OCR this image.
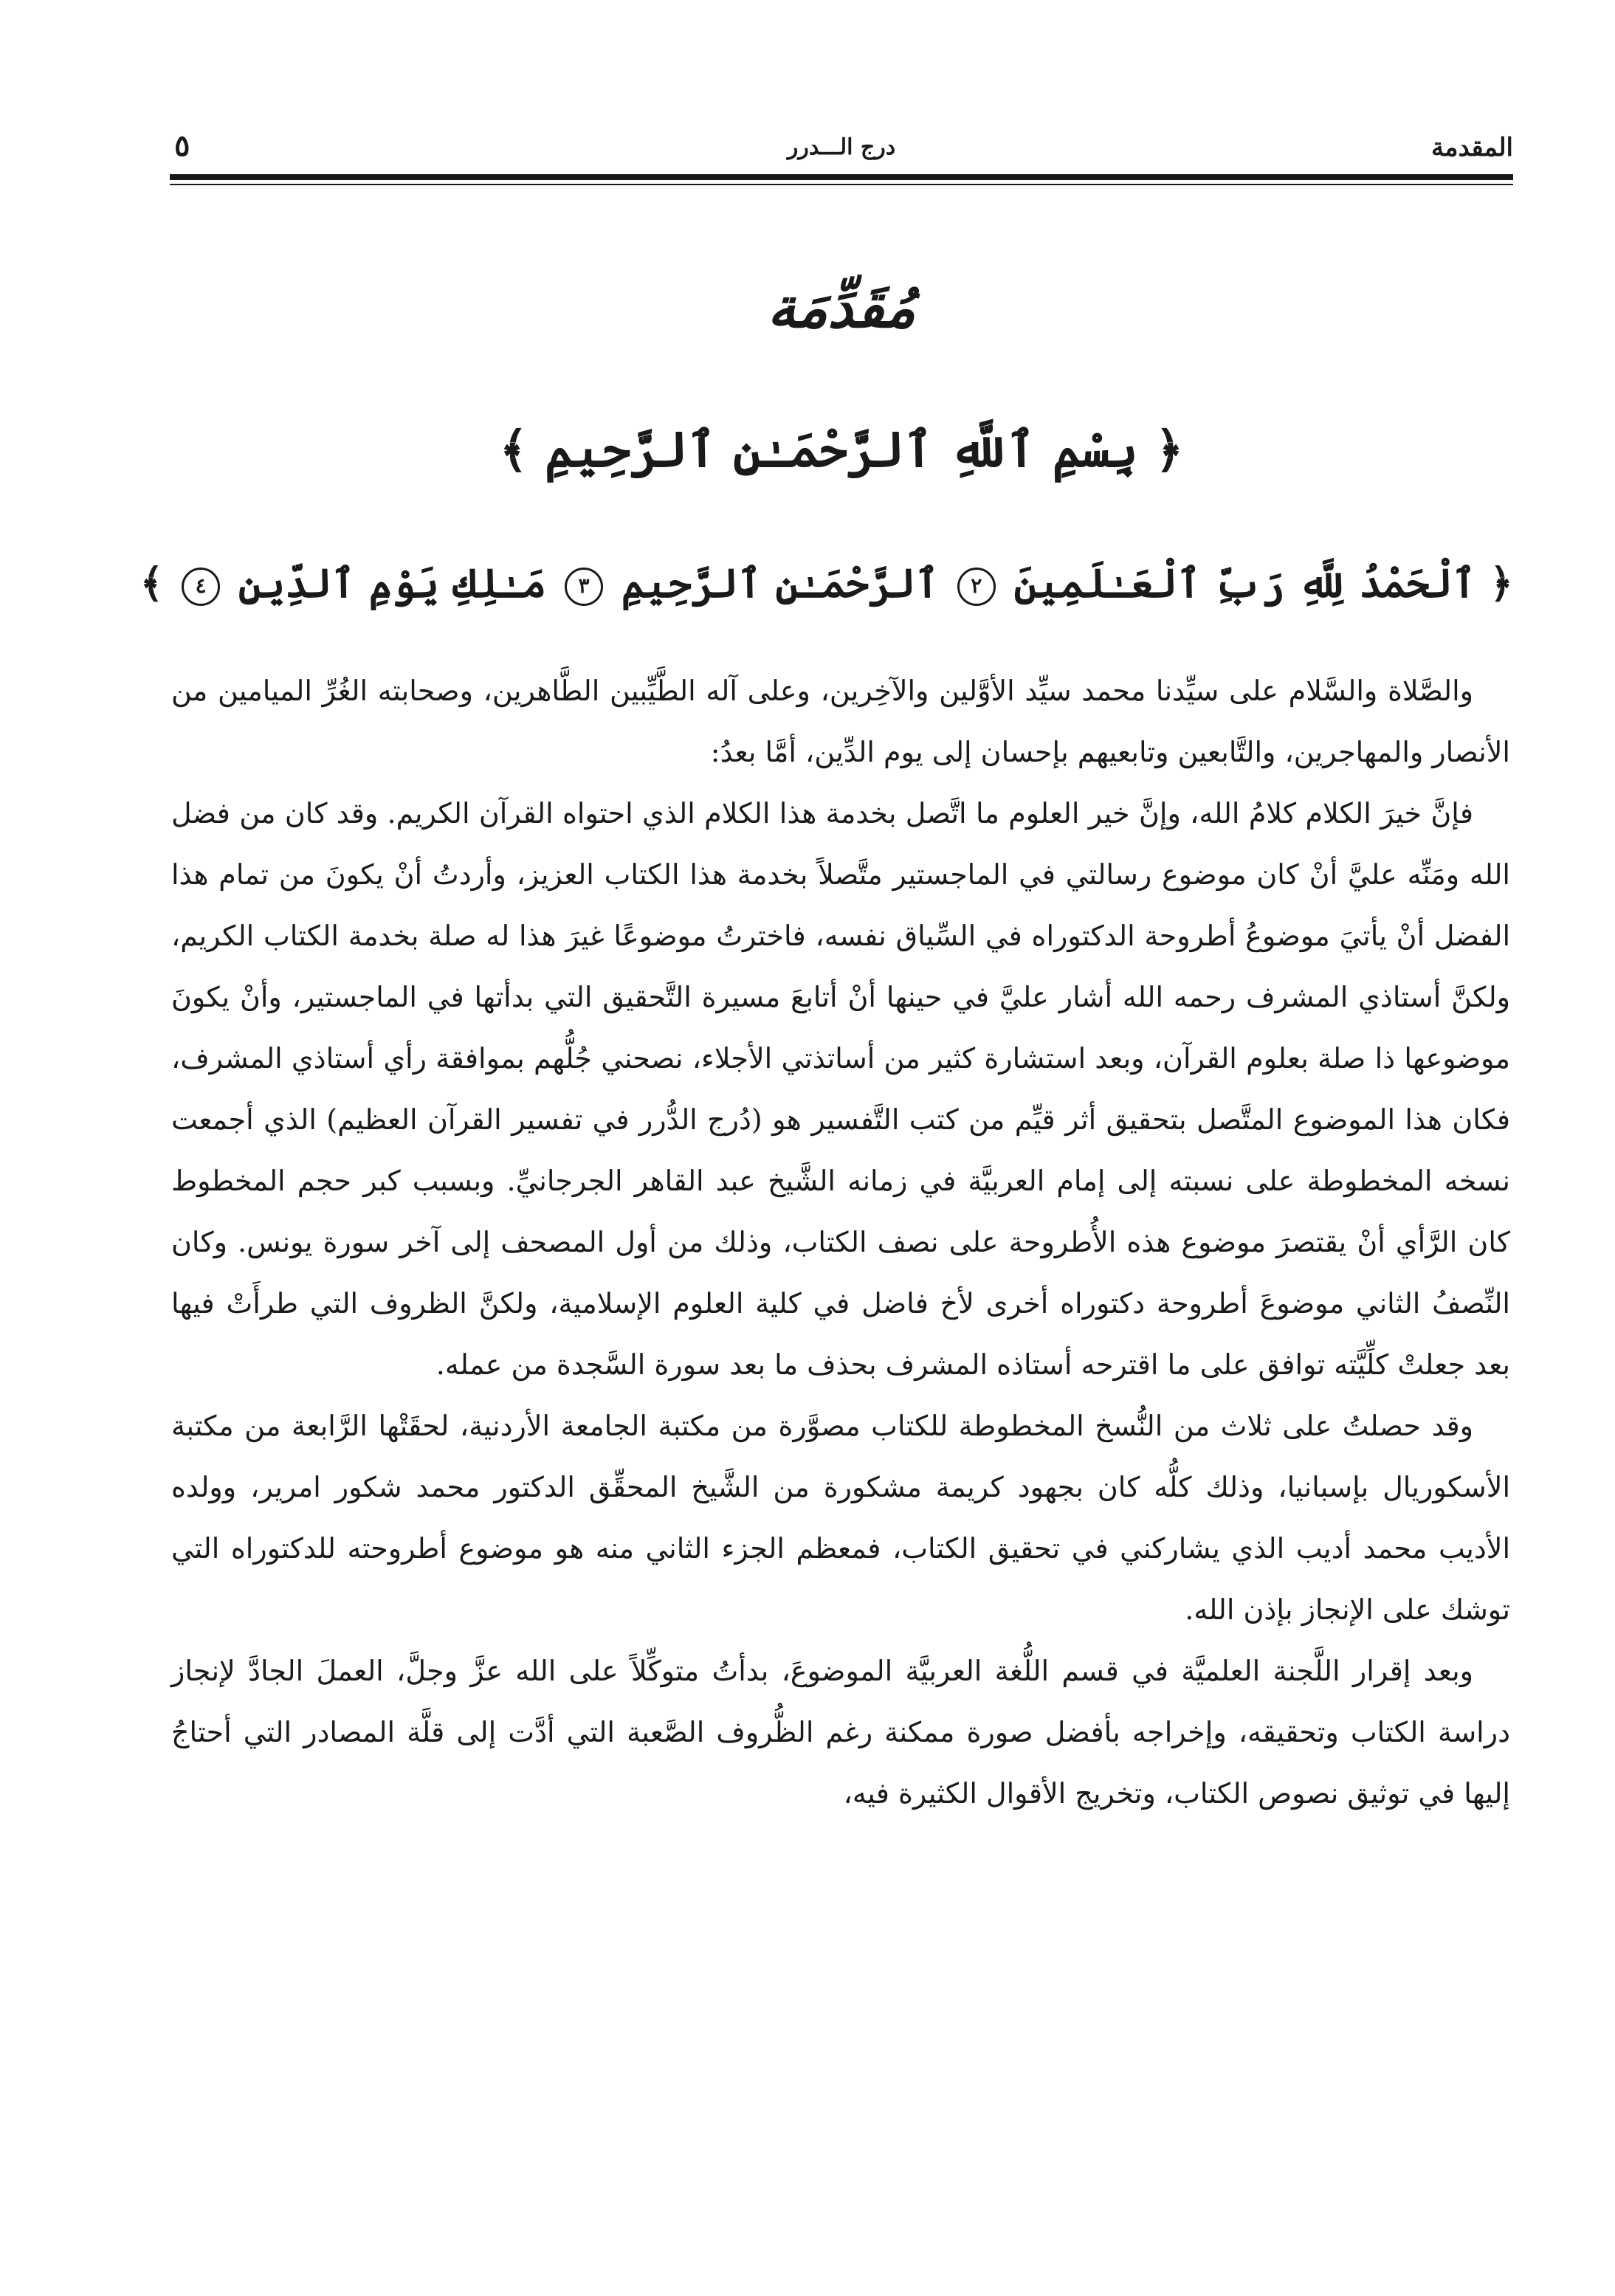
المقدمة
درج الـــدرر
٥
مُقَدِّمَة
﴿ بِسْمِ ٱللَّهِ ٱلرَّحْمَـٰنِ ٱلرَّحِيمِ ﴾
﴿ ٱلْحَمْدُ لِلَّهِ رَبِّ ٱلْعَـٰلَمِينَ ٢ ٱلرَّحْمَـٰنِ ٱلرَّحِيمِ ٣ مَـٰلِكِ يَوْمِ ٱلدِّينِ ٤ ﴾

والصَّلاة والسَّلام على سيِّدنا محمد سيِّد الأوَّلين والآخِرين، وعلى آله الطَّيِّبين الطَّاهرين، وصحابته الغُرِّ الميامين من الأنصار والمهاجرين، والتَّابعين وتابعيهم بإحسان إلى يوم الدِّين، أمَّا بعدُ:

فإنَّ خيرَ الكلام كلامُ الله، وإنَّ خير العلوم ما اتَّصل بخدمة هذا الكلام الذي احتواه القرآن الكريم. وقد كان من فضل الله ومَنِّه عليَّ أنْ كان موضوع رسالتي في الماجستير متَّصلاً بخدمة هذا الكتاب العزيز، وأردتُ أنْ يكونَ من تمام هذا الفضل أنْ يأتيَ موضوعُ أطروحة الدكتوراه في السِّياق نفسه، فاخترتُ موضوعًا غيرَ هذا له صلة بخدمة الكتاب الكريم، ولكنَّ أستاذي المشرف رحمه الله أشار عليَّ في حينها أنْ أتابعَ مسيرة التَّحقيق التي بدأتها في الماجستير، وأنْ يكونَ موضوعها ذا صلة بعلوم القرآن، وبعد استشارة كثير من أساتذتي الأجلاء، نصحني جُلُّهم بموافقة رأي أستاذي المشرف، فكان هذا الموضوع المتَّصل بتحقيق أثر قيِّم من كتب التَّفسير هو (دُرج الدُّرر في تفسير القرآن العظيم) الذي أجمعت نسخه المخطوطة على نسبته إلى إمام العربيَّة في زمانه الشَّيخ عبد القاهر الجرجانيِّ. وبسبب كبر حجم المخطوط كان الرَّأي أنْ يقتصرَ موضوع هذه الأُطروحة على نصف الكتاب، وذلك من أول المصحف إلى آخر سورة يونس. وكان النِّصفُ الثاني موضوعَ أطروحة دكتوراه أخرى لأخ فاضل في كلية العلوم الإسلامية، ولكنَّ الظروف التي طرأَتْ فيها بعد جعلتْ كلِّيَّته توافق على ما اقترحه أستاذه المشرف بحذف ما بعد سورة السَّجدة من عمله.

وقد حصلتُ على ثلاث من النُّسخ المخطوطة للكتاب مصوَّرة من مكتبة الجامعة الأردنية، لحقَتْها الرَّابعة من مكتبة الأسكوريال بإسبانيا، وذلك كلُّه كان بجهود كريمة مشكورة من الشَّيخ المحقِّق الدكتور محمد شكور امرير، وولده الأديب محمد أديب الذي يشاركني في تحقيق الكتاب، فمعظم الجزء الثاني منه هو موضوع أطروحته للدكتوراه التي توشك على الإنجاز بإذن الله.

وبعد إقرار اللَّجنة العلميَّة في قسم اللُّغة العربيَّة الموضوعَ، بدأتُ متوكِّلاً على الله عزَّ وجلَّ، العملَ الجادَّ لإنجاز دراسة الكتاب وتحقيقه، وإخراجه بأفضل صورة ممكنة رغم الظُّروف الصَّعبة التي أدَّت إلى قلَّة المصادر التي أحتاجُ إليها في توثيق نصوص الكتاب، وتخريج الأقوال الكثيرة فيه،
